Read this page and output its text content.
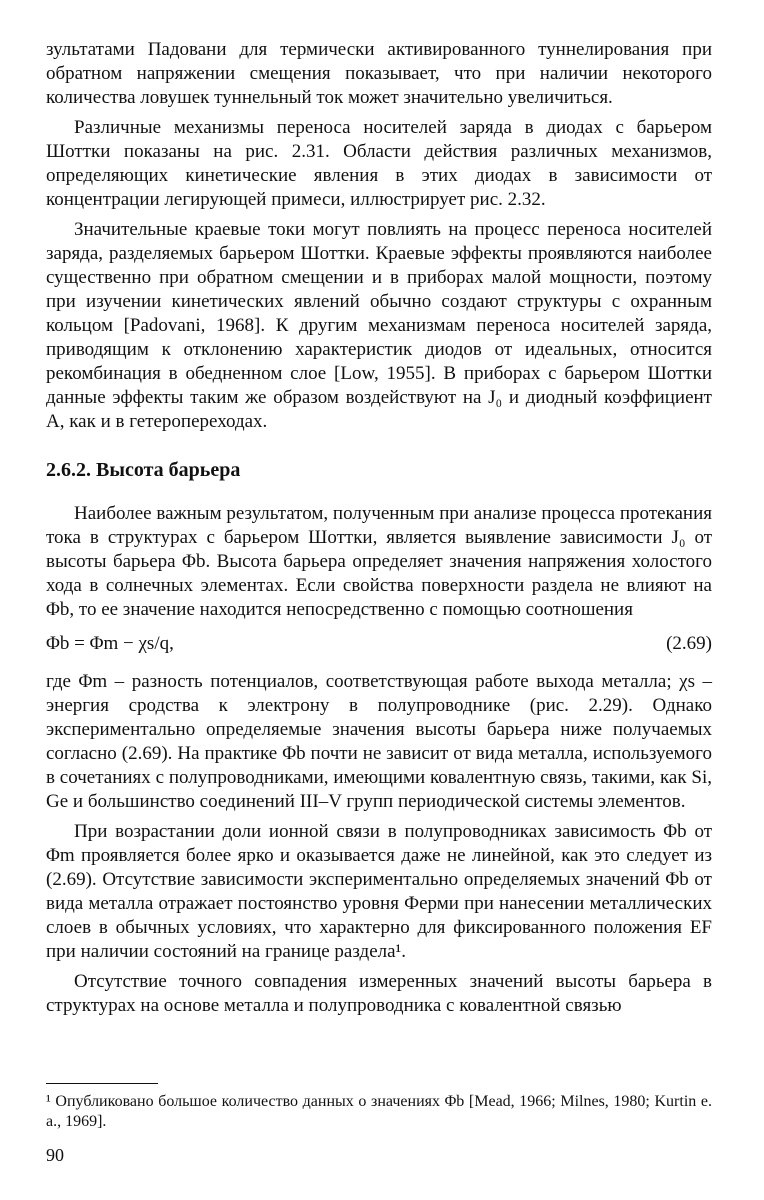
зультатами Падовани для термически активированного туннелирования при обратном напряжении смещения показывает, что при наличии некоторого количества ловушек туннельный ток может значительно увеличиться.

Различные механизмы переноса носителей заряда в диодах с барьером Шоттки показаны на рис. 2.31. Области действия различных механизмов, определяющих кинетические явления в этих диодах в зависимости от концентрации легирующей примеси, иллюстрирует рис. 2.32.

Значительные краевые токи могут повлиять на процесс переноса носителей заряда, разделяемых барьером Шоттки. Краевые эффекты проявляются наиболее существенно при обратном смещении и в приборах малой мощности, поэтому при изучении кинетических явлений обычно создают структуры с охранным кольцом [Padovani, 1968]. К другим механизмам переноса носителей заряда, приводящим к отклонению характеристик диодов от идеальных, относится рекомбинация в обедненном слое [Low, 1955]. В приборах с барьером Шоттки данные эффекты таким же образом воздействуют на J₀ и диодный коэффициент A, как и в гетеропереходах.

2.6.2. Высота барьера

Наиболее важным результатом, полученным при анализе процесса протекания тока в структурах с барьером Шоттки, является выявление зависимости J₀ от высоты барьера Φb. Высота барьера определяет значения напряжения холостого хода в солнечных элементах. Если свойства поверхности раздела не влияют на Φb, то ее значение находится непосредственно с помощью соотношения

Φb = Φm − χs/q,	(2.69)

где Φm – разность потенциалов, соответствующая работе выхода металла; χs – энергия сродства к электрону в полупроводнике (рис. 2.29). Однако экспериментально определяемые значения высоты барьера ниже получаемых согласно (2.69). На практике Φb почти не зависит от вида металла, используемого в сочетаниях с полупроводниками, имеющими ковалентную связь, такими, как Si, Ge и большинство соединений III–V групп периодической системы элементов.

При возрастании доли ионной связи в полупроводниках зависимость Φb от Φm проявляется более ярко и оказывается даже не линейной, как это следует из (2.69). Отсутствие зависимости экспериментально определяемых значений Φb от вида металла отражает постоянство уровня Ферми при нанесении металлических слоев в обычных условиях, что характерно для фиксированного положения EF при наличии состояний на границе раздела¹.

Отсутствие точного совпадения измеренных значений высоты барьера в структурах на основе металла и полупроводника с ковалентной связью

¹ Опубликовано большое количество данных о значениях Φb [Mead, 1966; Milnes, 1980; Kurtin e. a., 1969].
90
